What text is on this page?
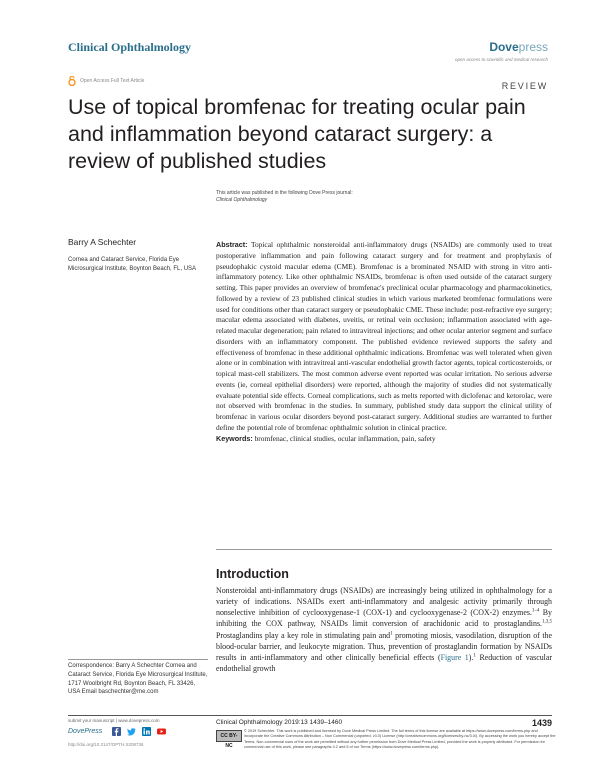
Clinical Ophthalmology	Dovepress
open access to scientific and medical research
Open Access Full Text Article	REVIEW
Use of topical bromfenac for treating ocular pain and inflammation beyond cataract surgery: a review of published studies
This article was published in the following Dove Press journal:
Clinical Ophthalmology
Barry A Schechter
Cornea and Cataract Service, Florida Eye Microsurgical Institute, Boynton Beach, FL, USA
Abstract: Topical ophthalmic nonsteroidal anti-inflammatory drugs (NSAIDs) are commonly used to treat postoperative inflammation and pain following cataract surgery and for treatment and prophylaxis of pseudophakic cystoid macular edema (CME). Bromfenac is a brominated NSAID with strong in vitro anti-inflammatory potency. Like other ophthalmic NSAIDs, bromfenac is often used outside of the cataract surgery setting. This paper provides an overview of bromfenac's preclinical ocular pharmacology and pharmacokinetics, followed by a review of 23 published clinical studies in which various marketed bromfenac formulations were used for conditions other than cataract surgery or pseudophakic CME. These include: post-refractive eye surgery; macular edema associated with diabetes, uveitis, or retinal vein occlusion; inflammation associated with age-related macular degeneration; pain related to intravitreal injections; and other ocular anterior segment and surface disorders with an inflammatory component. The published evidence reviewed supports the safety and effectiveness of bromfenac in these additional ophthalmic indications. Bromfenac was well tolerated when given alone or in combination with intravitreal anti-vascular endothelial growth factor agents, topical corticosteroids, or topical mast-cell stabilizers. The most common adverse event reported was ocular irritation. No serious adverse events (ie, corneal epithelial disorders) were reported, although the majority of studies did not systematically evaluate potential side effects. Corneal complications, such as melts reported with diclofenac and ketorolac, were not observed with bromfenac in the studies. In summary, published study data support the clinical utility of bromfenac in various ocular disorders beyond post-cataract surgery. Additional studies are warranted to further define the potential role of bromfenac ophthalmic solution in clinical practice.
Keywords: bromfenac, clinical studies, ocular inflammation, pain, safety
Introduction
Nonsteroidal anti-inflammatory drugs (NSAIDs) are increasingly being utilized in ophthalmology for a variety of indications. NSAIDs exert anti-inflammatory and analgesic activity primarily through nonselective inhibition of cyclooxygenase-1 (COX-1) and cyclooxygenase-2 (COX-2) enzymes.$^{1-4}$ By inhibiting the COX pathway, NSAIDs limit conversion of arachidonic acid to prostaglandins.$^{1,3,5}$ Prostaglandins play a key role in stimulating pain and$^1$ promoting miosis, vasodilation, disruption of the blood-ocular barrier, and leukocyte migration. Thus, prevention of prostaglandin formation by NSAIDs results in anti-inflammatory and other clinically beneficial effects (Figure 1).$^1$ Reduction of vascular endothelial growth
Correspondence: Barry A Schechter Cornea and Cataract Service, Florida Eye Microsurgical Institute, 1717 Woolbright Rd, Boynton Beach, FL 33426, USA Email baschechter@me.com
submit your manuscript | www.dovepress.com
DovePress
http://doi.org/10.2147/OPTH.S208736
Clinical Ophthalmology 2019:13 1439–1460	1439
CC BY-NC
© 2019 Schechter. This work is published and licensed by Dove Medical Press Limited. The full terms of this license are available at https://www.dovepress.com/terms.php and incorporate the Creative Commons Attribution – Non Commercial (unported, v3.0) License (http://creativecommons.org/licenses/by-nc/3.0/). By accessing the work you hereby accept the Terms. Non-commercial uses of the work are permitted without any further permission from Dove Medical Press Limited, provided the work is properly attributed. For permission for commercial use of this work, please see paragraphs 4.2 and 5 of our Terms (https://www.dovepress.com/terms.php).
